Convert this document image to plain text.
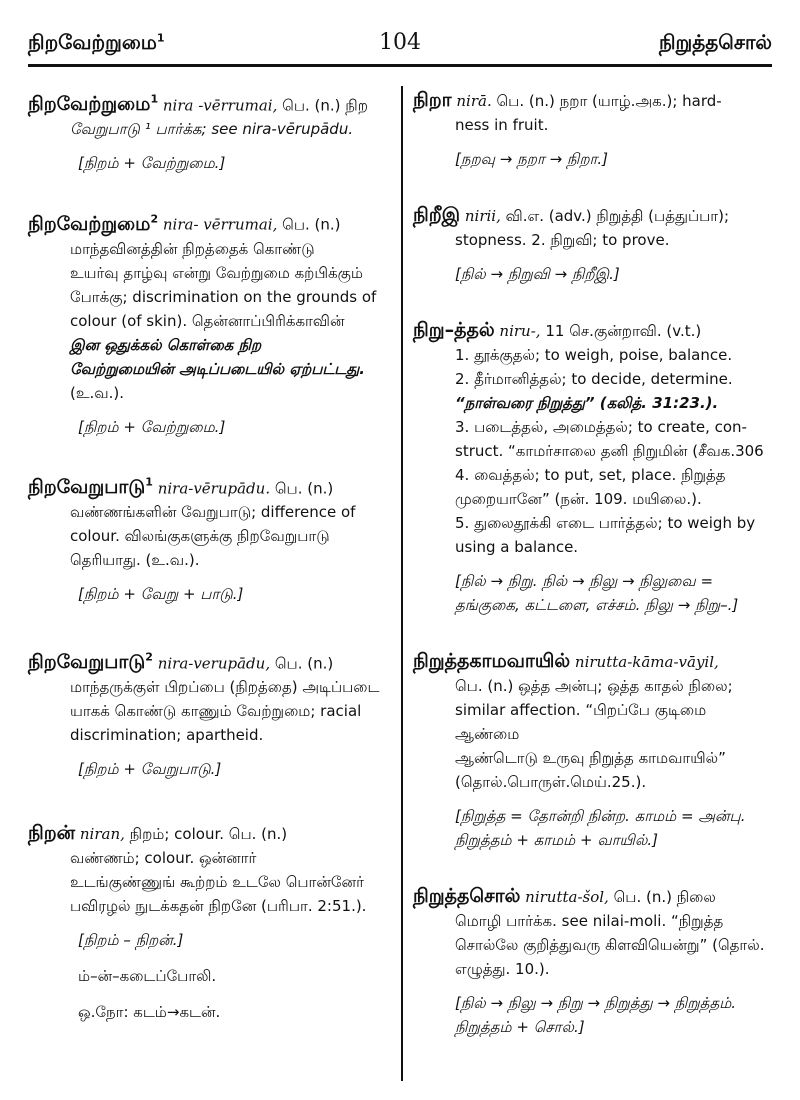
நிறவேற்றுமை$^1$	104	நிறுத்தசொல்
நிறவேற்றுமை$^1$ nira -vērrumai, பெ. (n.) நிற
வேறுபாடு ¹ பார்க்க; see nira-vērupādu.
[நிறம் + வேற்றுமை.]
நிறவேற்றுமை$^2$ nira- vērrumai, பெ. (n.)
மாந்தவினத்தின் நிறத்தைக் கொண்டு
உயர்வு தாழ்வு என்று வேற்றுமை கற்பிக்கும்
போக்கு; discrimination on the grounds of
colour (of skin). தென்னாப்பிரிக்காவின்
இன ஒதுக்கல் கொள்கை நிற
வேற்றுமையின் அடிப்படையில் ஏற்பட்டது.
(உ.வ.).
[நிறம் + வேற்றுமை.]
நிறவேறுபாடு$^1$ nira-vērupādu. பெ. (n.)
வண்ணங்களின் வேறுபாடு; difference of
colour. விலங்குகளுக்கு நிறவேறுபாடு
தெரியாது. (உ.வ.).
[நிறம் + வேறு + பாடு.]
நிறவேறுபாடு$^2$ nira-verupādu, பெ. (n.)
மாந்தருக்குள் பிறப்பை (நிறத்தை) அடிப்படை
யாகக் கொண்டு காணும் வேற்றுமை; racial
discrimination; apartheid.
[நிறம் + வேறுபாடு.]
நிறன் niran, நிறம்; colour. பெ. (n.)
வண்ணம்; colour. ஒன்னார்
உடங்குண்ணுங் கூற்றம் உடலே பொன்னேர்
பவிரழல் நுடக்கதன் நிறனே (பரிபா. 2:51.).
[நிறம் – நிறன்.]
ம்–ன்–கடைப்போலி.
ஒ.நோ: கடம்→கடன்.
நிறா nirā. பெ. (n.) நறா (யாழ்.அக.); hard-
ness in fruit.
[நறவு → நறா → நிறா.]
நிறீஇ nirii, வி.எ. (adv.) நிறுத்தி (பத்துப்பா);
stopness. 2. நிறுவி; to prove.
[நில் → நிறுவி → நிறீஇ.]
நிறு–த்தல் niru-, 11 செ.குன்றாவி. (v.t.)
1. தூக்குதல்; to weigh, poise, balance.
2. தீர்மானித்தல்; to decide, determine.
“நாள்வரை நிறுத்து” (கலித். 31:23.).
3. படைத்தல், அமைத்தல்; to create, con-
struct. “காமர்சாலை தனி நிறுமின் (சீவக.306
4. வைத்தல்; to put, set, place. நிறுத்த
முறையானே” (நன். 109. மயிலை.).
5. துலைதூக்கி எடை பார்த்தல்; to weigh by
using a balance.
[நில் → நிறு. நில் → நிலு → நிலுவை = தங்குகை, கட்டளை, எச்சம். நிலு → நிறு–.]
நிறுத்தகாமவாயில் nirutta-kāma-vāyil,
பெ. (n.) ஒத்த அன்பு; ஒத்த காதல் நிலை;
similar affection. “பிறப்பே குடிமை ஆண்மை
ஆண்டொடு உருவு நிறுத்த காமவாயில்”
(தொல்.பொருள்.மெய்.25.).
[நிறுத்த = தோன்றி நின்ற. காமம் = அன்பு. நிறுத்தம் + காமம் + வாயில்.]
நிறுத்தசொல் nirutta-šol, பெ. (n.) நிலை
மொழி பார்க்க. see nilai-moli. “நிறுத்த
சொல்லே குறித்துவரு கிளவியென்று” (தொல்.
எழுத்து. 10.).
[நில் → நிலு → நிறு → நிறுத்து → நிறுத்தம். நிறுத்தம் + சொல்.]
